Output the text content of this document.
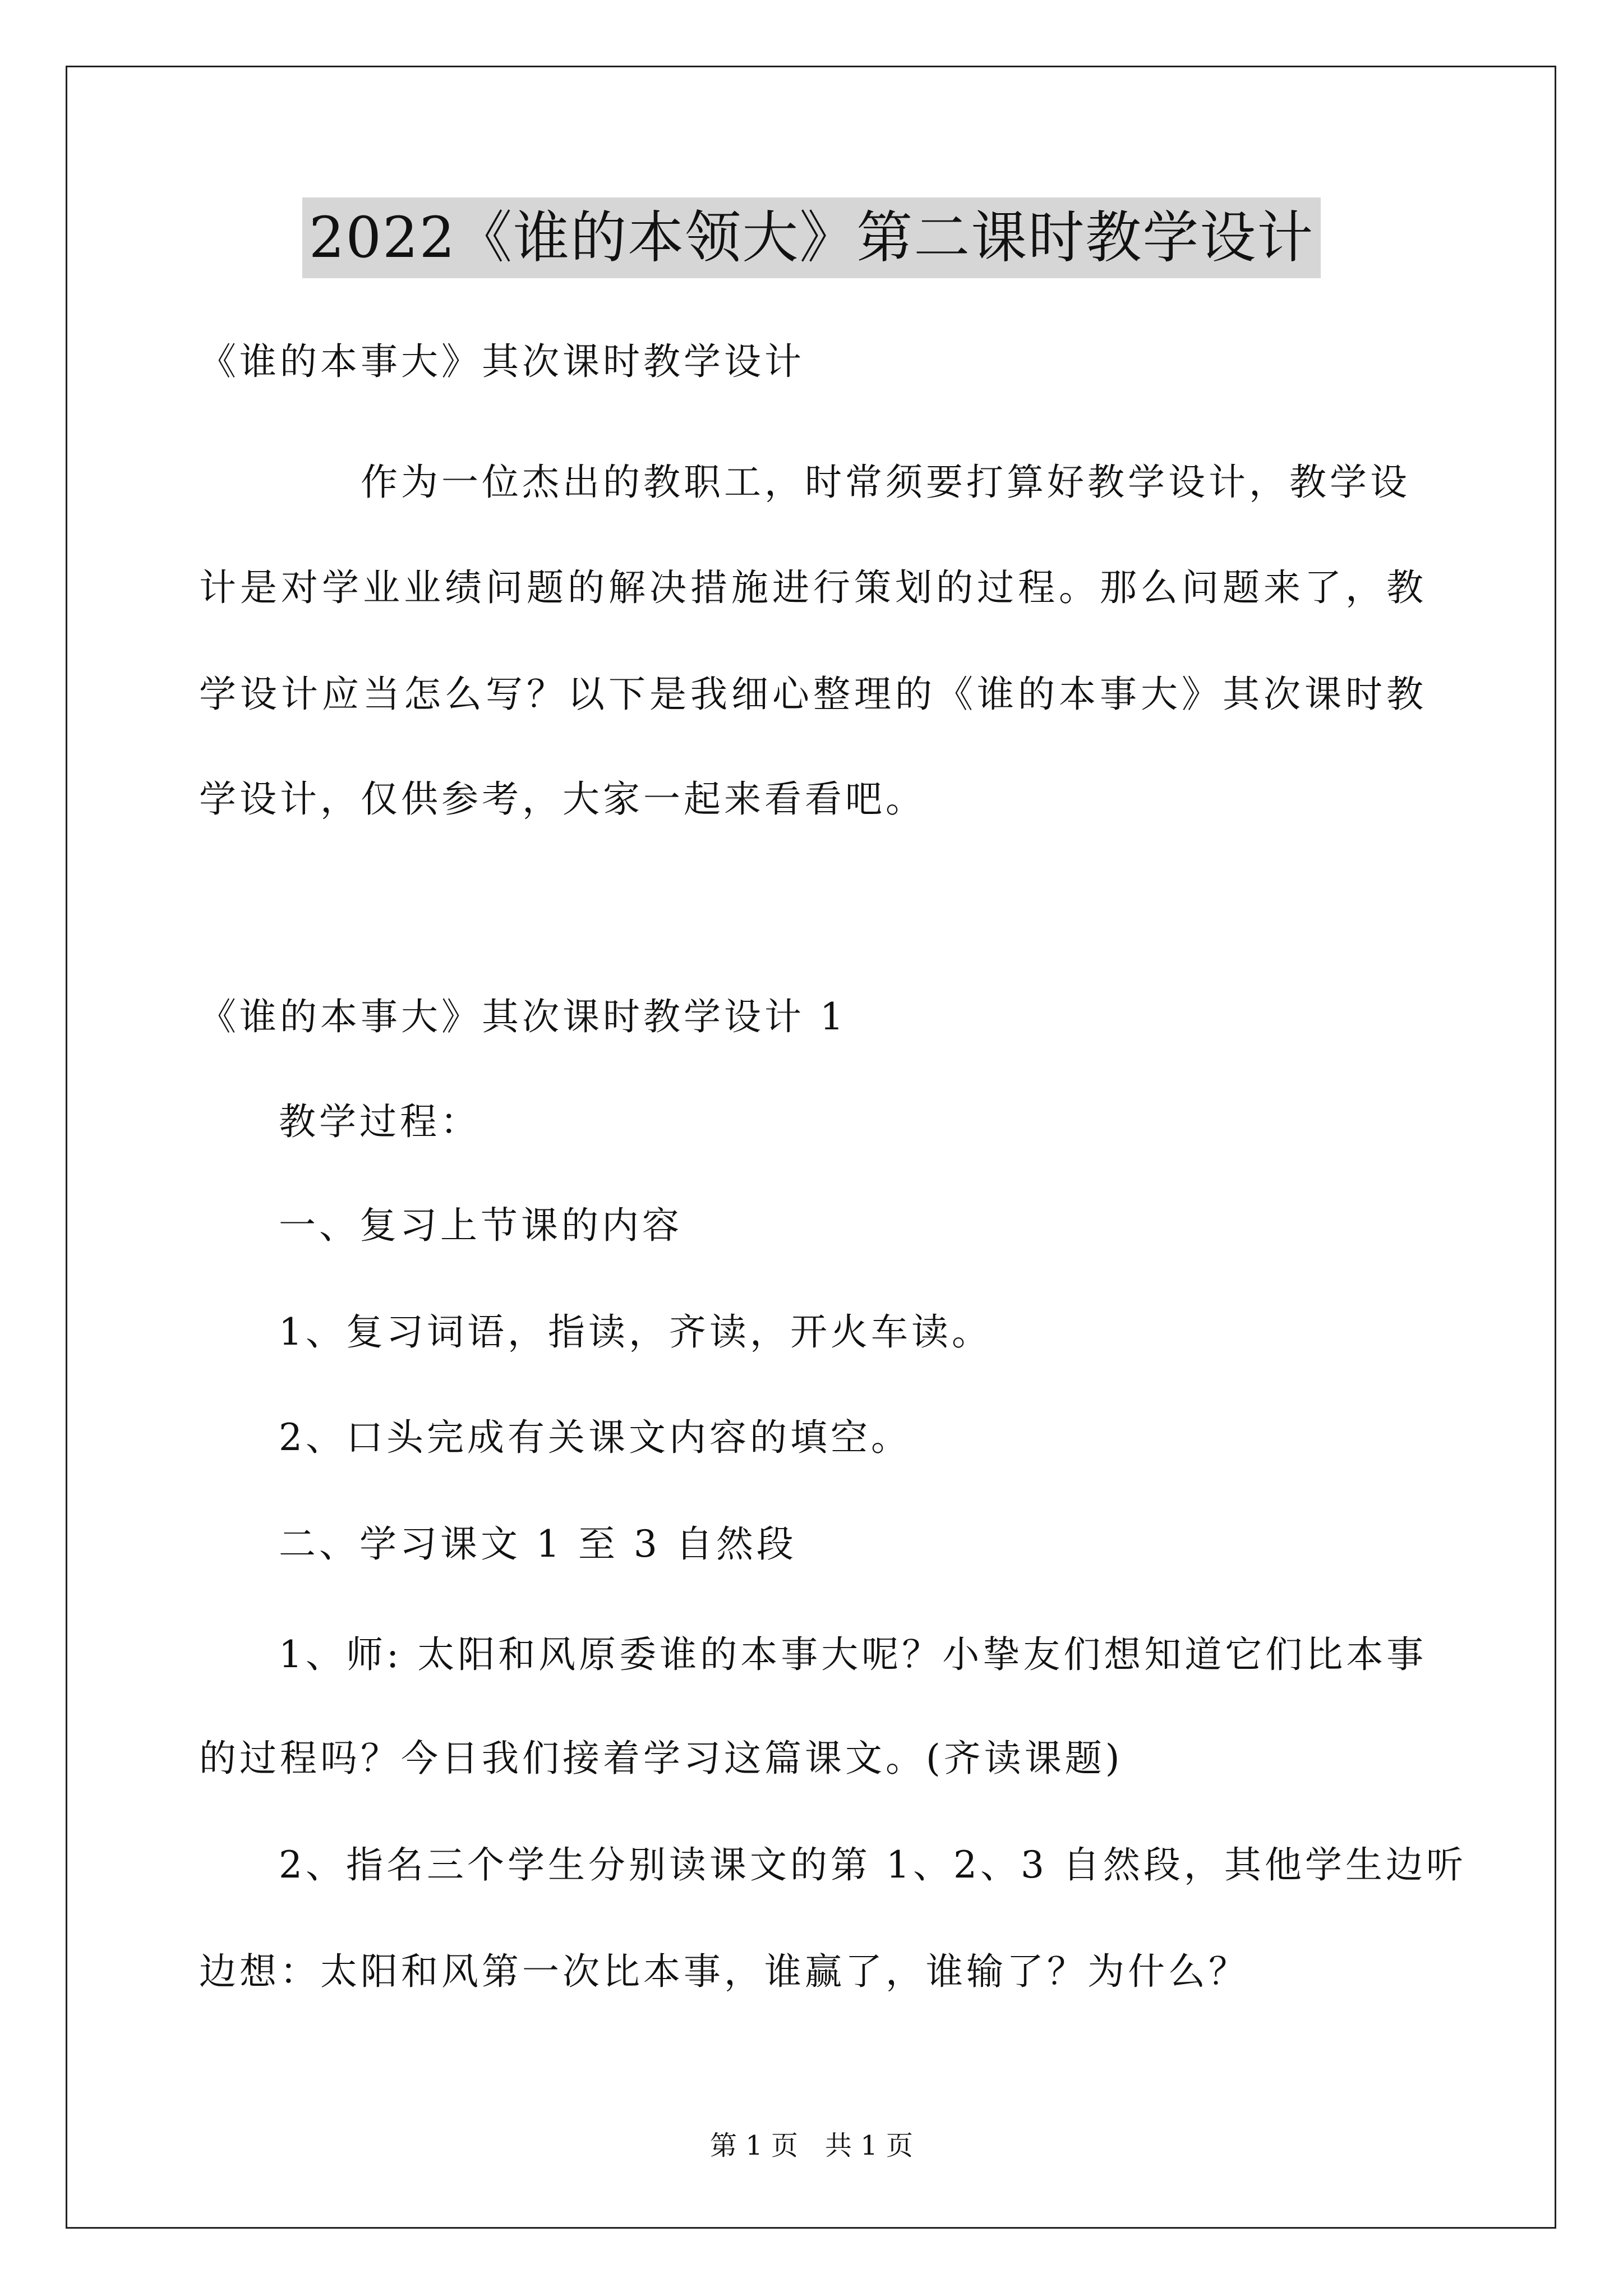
2022《谁的本领大》第二课时教学设计
《谁的本事大》其次课时教学设计
作为一位杰出的教职工，时常须要打算好教学设计，教学设
计是对学业业绩问题的解决措施进行策划的过程。那么问题来了，教
学设计应当怎么写？以下是我细心整理的《谁的本事大》其次课时教
学设计，仅供参考，大家一起来看看吧。
《谁的本事大》其次课时教学设计 1
教学过程：
一、复习上节课的内容
1、复习词语，指读，齐读，开火车读。
2、口头完成有关课文内容的填空。
二、学习课文 1 至 3 自然段
1、师: 太阳和风原委谁的本事大呢？小挚友们想知道它们比本事
的过程吗？今日我们接着学习这篇课文。(齐读课题)
2、指名三个学生分别读课文的第 1、2、3 自然段，其他学生边听
边想：太阳和风第一次比本事，谁赢了，谁输了？为什么？
第 1 页　共 1 页
